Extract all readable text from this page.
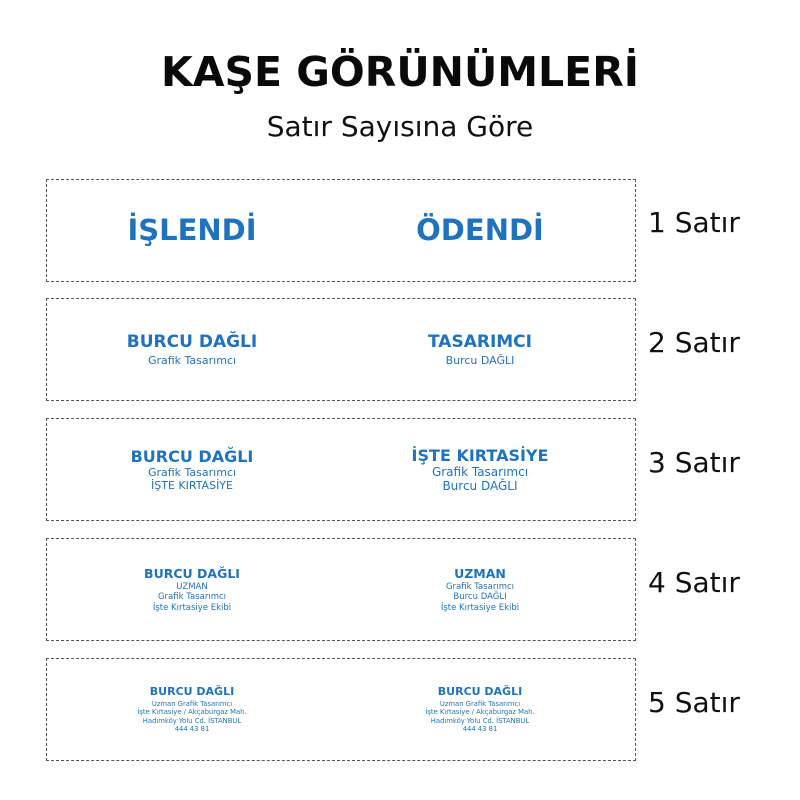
KAŞE GÖRÜNÜMLERİ
Satır Sayısına Göre
İŞLENDİ	ÖDENDİ	1 Satır
BURCU DAĞLI
Grafik Tasarımcı
TASARIMCI
Burcu DAĞLI
2 Satır
BURCU DAĞLI
Grafik Tasarımcı
İŞTE KIRTASİYE
İŞTE KIRTASİYE
Grafik Tasarımcı
Burcu DAĞLI
3 Satır
BURCU DAĞLI
UZMAN
Grafik Tasarımcı
İşte Kırtasiye Ekibi
UZMAN
Grafik Tasarımcı
Burcu DAĞLI
İşte Kırtasiye Ekibi
4 Satır
BURCU DAĞLI
Uzman Grafik Tasarımcı
İşte Kırtasiye / Akçaburgaz Mah.
Hadımköy Yolu Cd. İSTANBUL
444 43 81
BURCU DAĞLI
Uzman Grafik Tasarımcı
İşte Kırtasiye / Akçaburgaz Mah.
Hadımköy Yolu Cd. İSTANBUL
444 43 81
5 Satır
